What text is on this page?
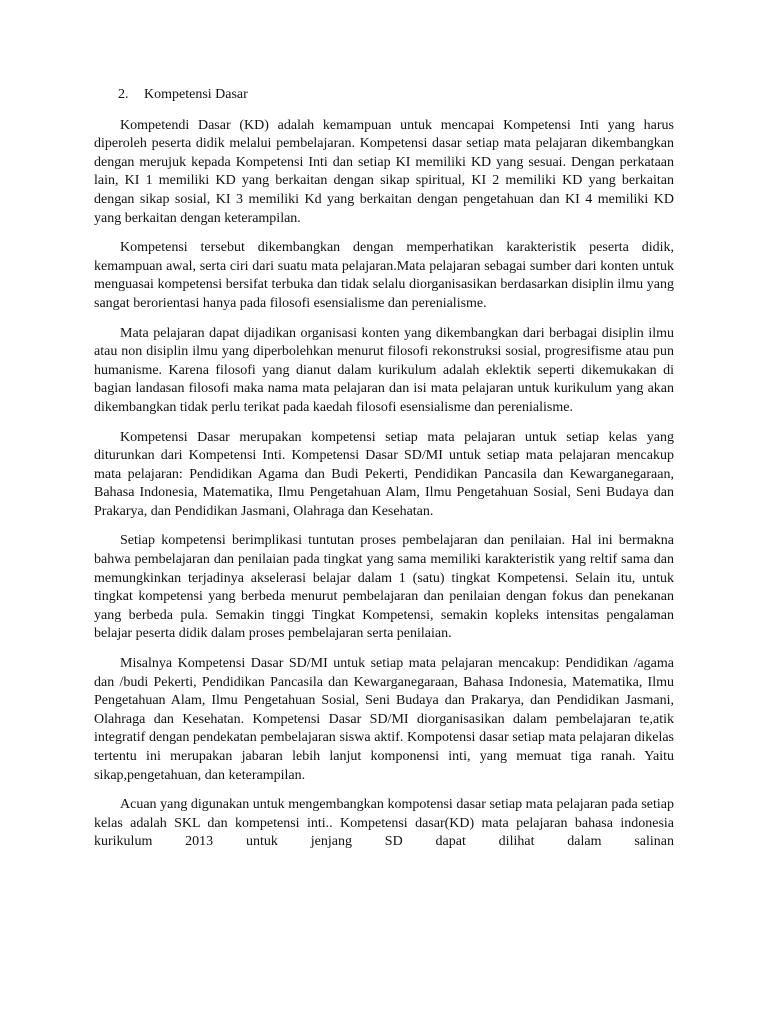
2. Kompetensi Dasar

Kompetendi Dasar (KD) adalah kemampuan untuk mencapai Kompetensi Inti yang harus diperoleh peserta didik melalui pembelajaran. Kompetensi dasar setiap mata pelajaran dikembangkan dengan merujuk kepada Kompetensi Inti dan setiap KI memiliki KD yang sesuai. Dengan perkataan lain, KI 1 memiliki KD yang berkaitan dengan sikap spiritual, KI 2 memiliki KD yang berkaitan dengan sikap sosial, KI 3 memiliki Kd yang berkaitan dengan pengetahuan dan KI 4 memiliki KD yang berkaitan dengan keterampilan.

Kompetensi tersebut dikembangkan dengan memperhatikan karakteristik peserta didik, kemampuan awal, serta ciri dari suatu mata pelajaran.Mata pelajaran sebagai sumber dari konten untuk menguasai kompetensi bersifat terbuka dan tidak selalu diorganisasikan berdasarkan disiplin ilmu yang sangat berorientasi hanya pada filosofi esensialisme dan perenialisme.

Mata pelajaran dapat dijadikan organisasi konten yang dikembangkan dari berbagai disiplin ilmu atau non disiplin ilmu yang diperbolehkan menurut filosofi rekonstruksi sosial, progresifisme atau pun humanisme. Karena filosofi yang dianut dalam kurikulum adalah eklektik seperti dikemukakan di bagian landasan filosofi maka nama mata pelajaran dan isi mata pelajaran untuk kurikulum yang akan dikembangkan tidak perlu terikat pada kaedah filosofi esensialisme dan perenialisme.

Kompetensi Dasar merupakan kompetensi setiap mata pelajaran untuk setiap kelas yang diturunkan dari Kompetensi Inti. Kompetensi Dasar SD/MI untuk setiap mata pelajaran mencakup mata pelajaran: Pendidikan Agama dan Budi Pekerti, Pendidikan Pancasila dan Kewarganegaraan, Bahasa Indonesia, Matematika, Ilmu Pengetahuan Alam, Ilmu Pengetahuan Sosial, Seni Budaya dan Prakarya, dan Pendidikan Jasmani, Olahraga dan Kesehatan.

Setiap kompetensi berimplikasi tuntutan proses pembelajaran dan penilaian. Hal ini bermakna bahwa pembelajaran dan penilaian pada tingkat yang sama memiliki karakteristik yang reltif sama dan memungkinkan terjadinya akselerasi belajar dalam 1 (satu) tingkat Kompetensi. Selain itu, untuk tingkat kompetensi yang berbeda menurut pembelajaran dan penilaian dengan fokus dan penekanan yang berbeda pula. Semakin tinggi Tingkat Kompetensi, semakin kopleks intensitas pengalaman belajar peserta didik dalam proses pembelajaran serta penilaian.

Misalnya Kompetensi Dasar SD/MI untuk setiap mata pelajaran mencakup: Pendidikan /agama dan /budi Pekerti, Pendidikan Pancasila dan Kewarganegaraan, Bahasa Indonesia, Matematika, Ilmu Pengetahuan Alam, Ilmu Pengetahuan Sosial, Seni Budaya dan Prakarya, dan Pendidikan Jasmani, Olahraga dan Kesehatan. Kompetensi Dasar SD/MI diorganisasikan dalam pembelajaran te,atik integratif dengan pendekatan pembelajaran siswa aktif. Kompotensi dasar setiap mata pelajaran dikelas tertentu ini merupakan jabaran lebih lanjut komponensi inti, yang memuat tiga ranah. Yaitu sikap,pengetahuan, dan keterampilan.

Acuan yang digunakan untuk mengembangkan kompotensi dasar setiap mata pelajaran pada setiap kelas adalah SKL dan kompetensi inti.. Kompetensi dasar(KD) mata pelajaran bahasa indonesia kurikulum 2013 untuk jenjang SD dapat dilihat dalam salinan
